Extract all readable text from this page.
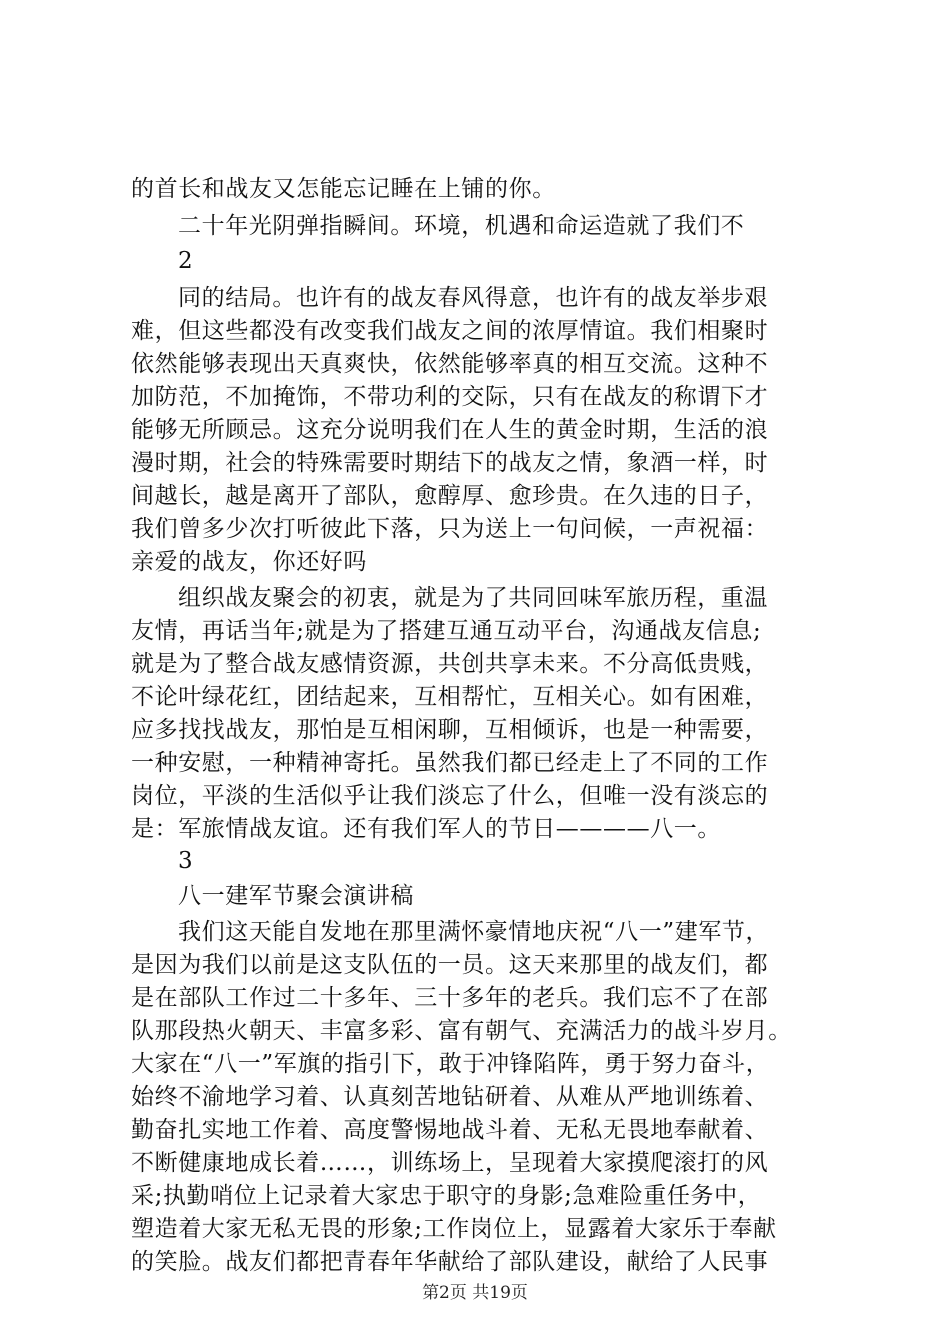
的首长和战友又怎能忘记睡在上铺的你。
二十年光阴弹指瞬间。环境，机遇和命运造就了我们不
2
同的结局。也许有的战友春风得意，也许有的战友举步艰
难，但这些都没有改变我们战友之间的浓厚情谊。我们相聚时
依然能够表现出天真爽快，依然能够率真的相互交流。这种不
加防范，不加掩饰，不带功利的交际，只有在战友的称谓下才
能够无所顾忌。这充分说明我们在人生的黄金时期，生活的浪
漫时期，社会的特殊需要时期结下的战友之情，象酒一样，时
间越长，越是离开了部队，愈醇厚、愈珍贵。在久违的日子，
我们曾多少次打听彼此下落，只为送上一句问候，一声祝福：
亲爱的战友，你还好吗
组织战友聚会的初衷，就是为了共同回味军旅历程，重温
友情，再话当年;就是为了搭建互通互动平台，沟通战友信息;
就是为了整合战友感情资源，共创共享未来。不分高低贵贱，
不论叶绿花红，团结起来，互相帮忙，互相关心。如有困难，
应多找找战友，那怕是互相闲聊，互相倾诉，也是一种需要，
一种安慰，一种精神寄托。虽然我们都已经走上了不同的工作
岗位，平淡的生活似乎让我们淡忘了什么，但唯一没有淡忘的
是：军旅情战友谊。还有我们军人的节日————八一。
3
八一建军节聚会演讲稿
我们这天能自发地在那里满怀豪情地庆祝“八一”建军节，
是因为我们以前是这支队伍的一员。这天来那里的战友们，都
是在部队工作过二十多年、三十多年的老兵。我们忘不了在部
队那段热火朝天、丰富多彩、富有朝气、充满活力的战斗岁月。
大家在“八一”军旗的指引下，敢于冲锋陷阵，勇于努力奋斗，
始终不渝地学习着、认真刻苦地钻研着、从难从严地训练着、
勤奋扎实地工作着、高度警惕地战斗着、无私无畏地奉献着、
不断健康地成长着……，训练场上，呈现着大家摸爬滚打的风
采;执勤哨位上记录着大家忠于职守的身影;急难险重任务中，
塑造着大家无私无畏的形象;工作岗位上，显露着大家乐于奉献
的笑脸。战友们都把青春年华献给了部队建设，献给了人民事
第2页 共19页
